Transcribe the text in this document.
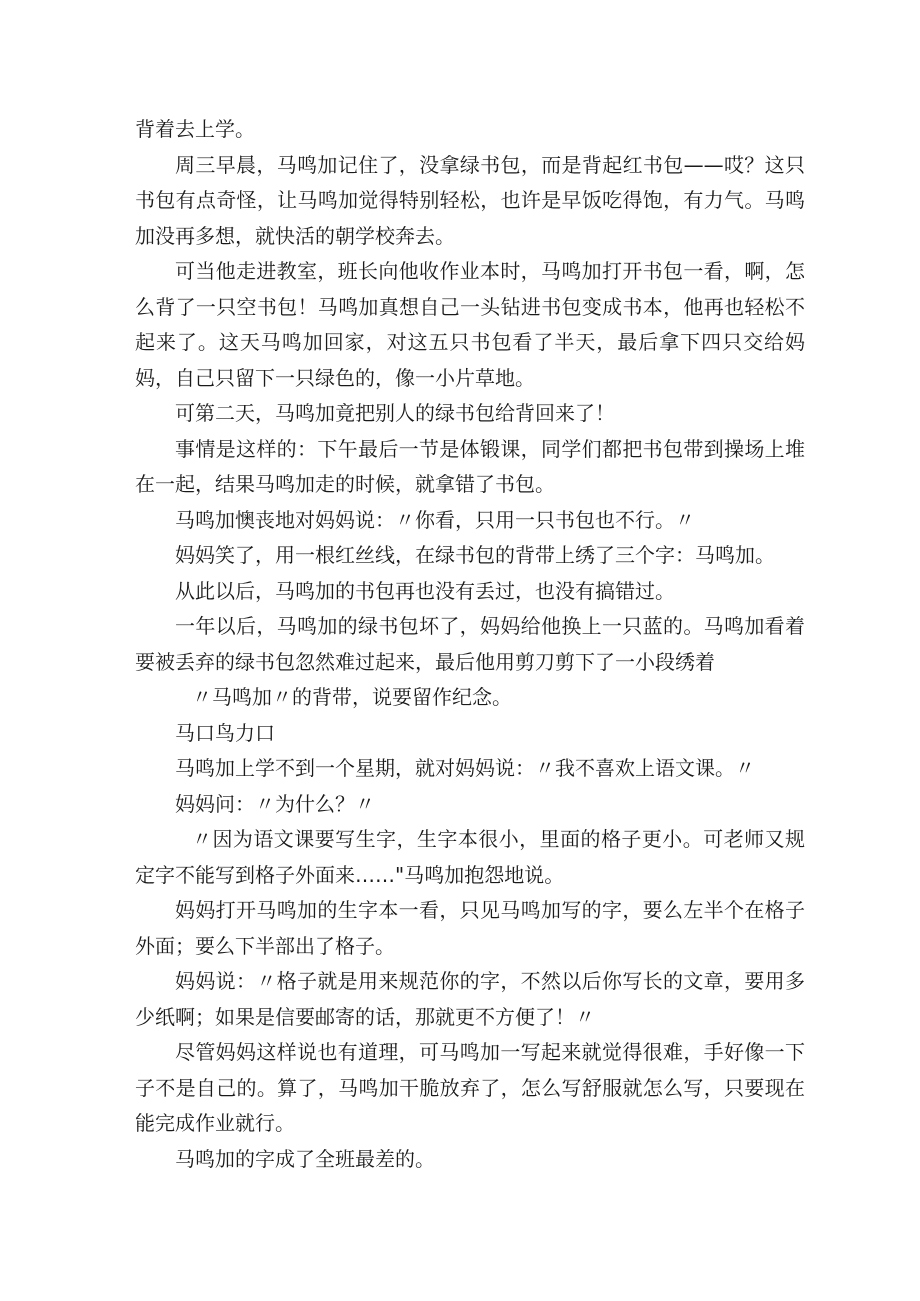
背着去上学。

周三早晨，马鸣加记住了，没拿绿书包，而是背起红书包——哎？这只书包有点奇怪，让马鸣加觉得特别轻松，也许是早饭吃得饱，有力气。马鸣加没再多想，就快活的朝学校奔去。

可当他走进教室，班长向他收作业本时，马鸣加打开书包一看，啊，怎么背了一只空书包！马鸣加真想自己一头钻进书包变成书本，他再也轻松不起来了。这天马鸣加回家，对这五只书包看了半天，最后拿下四只交给妈妈，自己只留下一只绿色的，像一小片草地。

可第二天，马鸣加竟把别人的绿书包给背回来了！

事情是这样的：下午最后一节是体锻课，同学们都把书包带到操场上堆在一起，结果马鸣加走的时候，就拿错了书包。

马鸣加懊丧地对妈妈说：〃你看，只用一只书包也不行。〃

妈妈笑了，用一根红丝线，在绿书包的背带上绣了三个字：马鸣加。

从此以后，马鸣加的书包再也没有丢过，也没有搞错过。

一年以后，马鸣加的绿书包坏了，妈妈给他换上一只蓝的。马鸣加看着要被丢弃的绿书包忽然难过起来，最后他用剪刀剪下了一小段绣着

〃马鸣加〃的背带，说要留作纪念。

马口鸟力口

马鸣加上学不到一个星期，就对妈妈说：〃我不喜欢上语文课。〃

妈妈问：〃为什么？〃

〃因为语文课要写生字，生字本很小，里面的格子更小。可老师又规定字不能写到格子外面来……"马鸣加抱怨地说。

妈妈打开马鸣加的生字本一看，只见马鸣加写的字，要么左半个在格子外面；要么下半部出了格子。

妈妈说：〃格子就是用来规范你的字，不然以后你写长的文章，要用多少纸啊；如果是信要邮寄的话，那就更不方便了！〃

尽管妈妈这样说也有道理，可马鸣加一写起来就觉得很难，手好像一下子不是自己的。算了，马鸣加干脆放弃了，怎么写舒服就怎么写，只要现在能完成作业就行。

马鸣加的字成了全班最差的。
